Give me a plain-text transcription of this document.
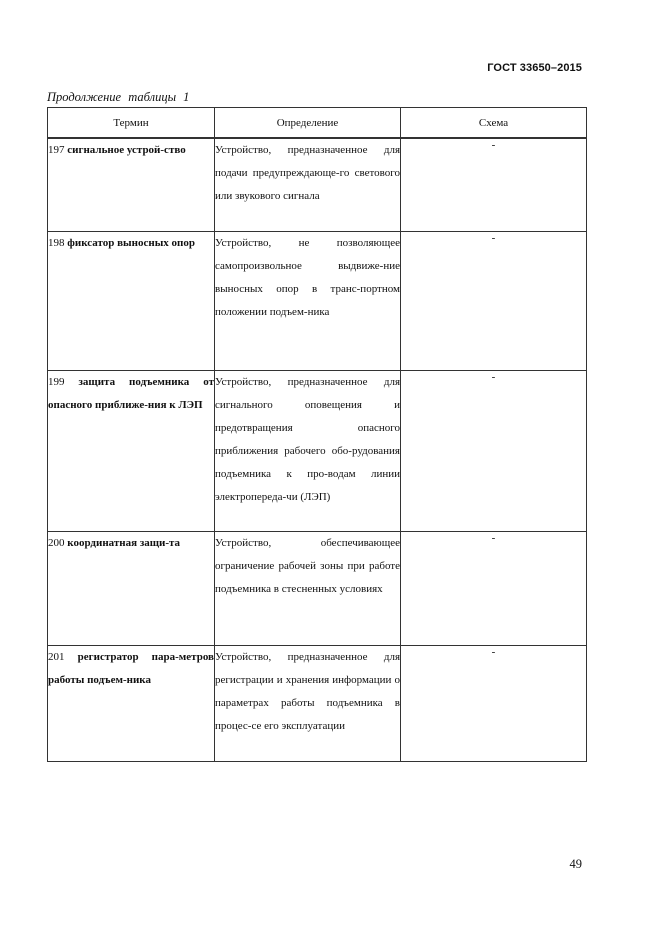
ГОСТ 33650–2015
Продолжение таблицы 1
Термин	Определение	Схема
197 сигнальное устрой-ство	Устройство, предназначенное для подачи предупреждающе-го светового или звукового сигнала	-
198 фиксатор выносных опор	Устройство, не позволяющее самопроизвольное выдвиже-ние выносных опор в транс-портном положении подъем-ника	-
199 защита подъемника от опасного приближе-ния к ЛЭП	Устройство, предназначенное для сигнального оповещения и предотвращения опасного приближения рабочего обо-рудования подъемника к про-водам линии электропереда-чи (ЛЭП)	-
200 координатная защи-та	Устройство, обеспечивающее ограничение рабочей зоны при работе подъемника в стесненных условиях	-
201 регистратор пара-метров работы подъем-ника	Устройство, предназначенное для регистрации и хранения информации о параметрах работы подъемника в процес-се его эксплуатации	-
49
